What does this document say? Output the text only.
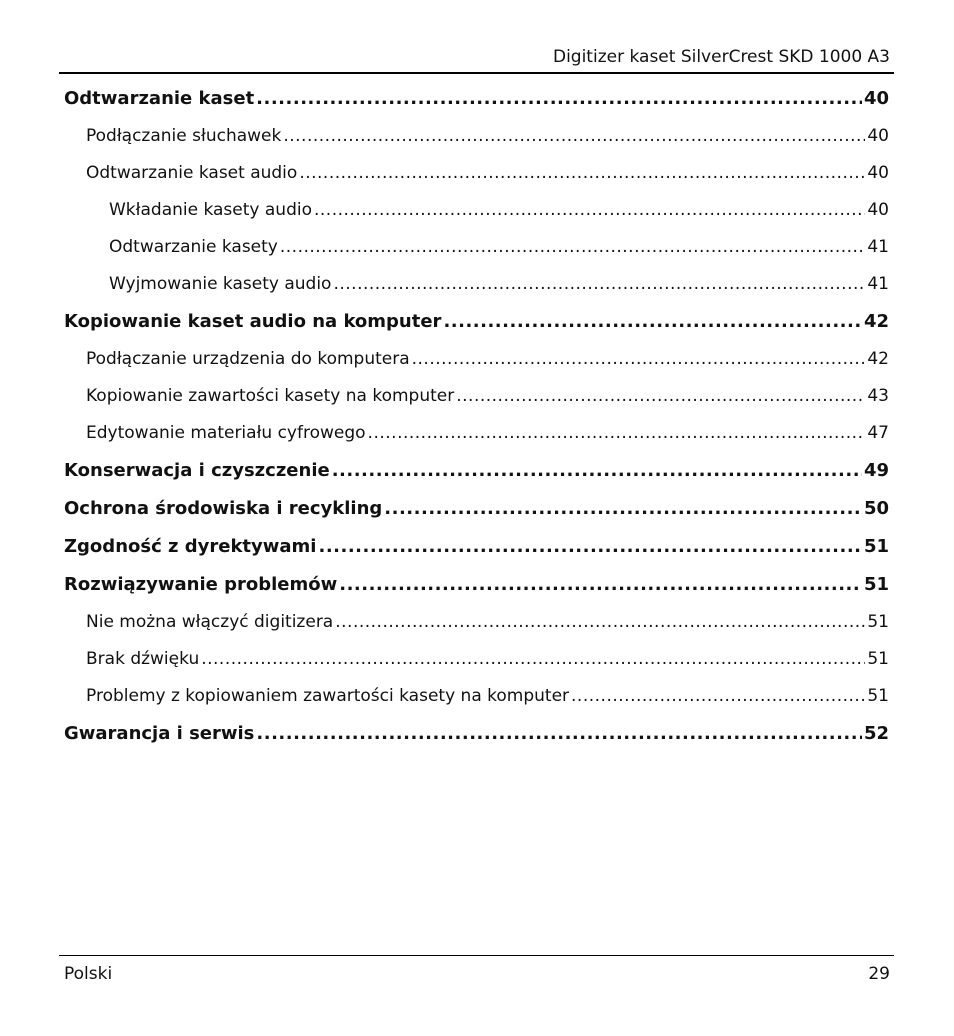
Digitizer kaset SilverCrest SKD 1000 A3
Odtwarzanie kaset .....	40
Podłączanie słuchawek .....	40
Odtwarzanie kaset audio .....	40
Wkładanie kasety audio .....	40
Odtwarzanie kasety .....	41
Wyjmowanie kasety audio .....	41
Kopiowanie kaset audio na komputer .....	42
Podłączanie urządzenia do komputera .....	42
Kopiowanie zawartości kasety na komputer .....	43
Edytowanie materiału cyfrowego .....	47
Konserwacja i czyszczenie .....	49
Ochrona środowiska i recykling .....	50
Zgodność z dyrektywami .....	51
Rozwiązywanie problemów .....	51
Nie można włączyć digitizera .....	51
Brak dźwięku .....	51
Problemy z kopiowaniem zawartości kasety na komputer .....	51
Gwarancja i serwis .....	52
Polski	29
